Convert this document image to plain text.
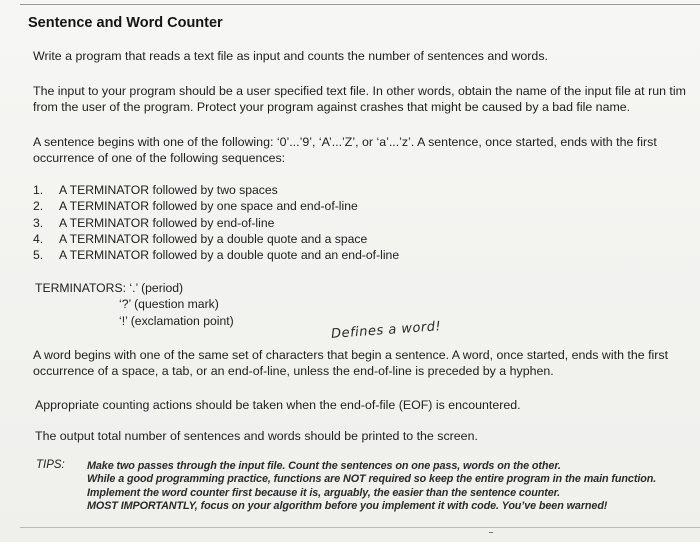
Sentence and Word Counter
Write a program that reads a text file as input and counts the number of sentences and words.
The input to your program should be a user specified text file. In other words, obtain the name of the input file at run tim
from the user of the program. Protect your program against crashes that might be caused by a bad file name.
A sentence begins with one of the following: ‘0’...’9’, ‘A’...’Z’, or ‘a’...’z’. A sentence, once started, ends with the first
occurrence of one of the following sequences:
1. A TERMINATOR followed by two spaces
2. A TERMINATOR followed by one space and end-of-line
3. A TERMINATOR followed by end-of-line
4. A TERMINATOR followed by a double quote and a space
5. A TERMINATOR followed by a double quote and an end-of-line
TERMINATORS: ‘.’ (period)
‘?’ (question mark)
‘!’ (exclamation point)	Defines a word!
A word begins with one of the same set of characters that begin a sentence. A word, once started, ends with the first
occurrence of a space, a tab, or an end-of-line, unless the end-of-line is preceded by a hyphen.
Appropriate counting actions should be taken when the end-of-file (EOF) is encountered.
The output total number of sentences and words should be printed to the screen.
TIPS: Make two passes through the input file. Count the sentences on one pass, words on the other.
While a good programming practice, functions are NOT required so keep the entire program in the main function.
Implement the word counter first because it is, arguably, the easier than the sentence counter.
MOST IMPORTANTLY, focus on your algorithm before you implement it with code. You’ve been warned!
